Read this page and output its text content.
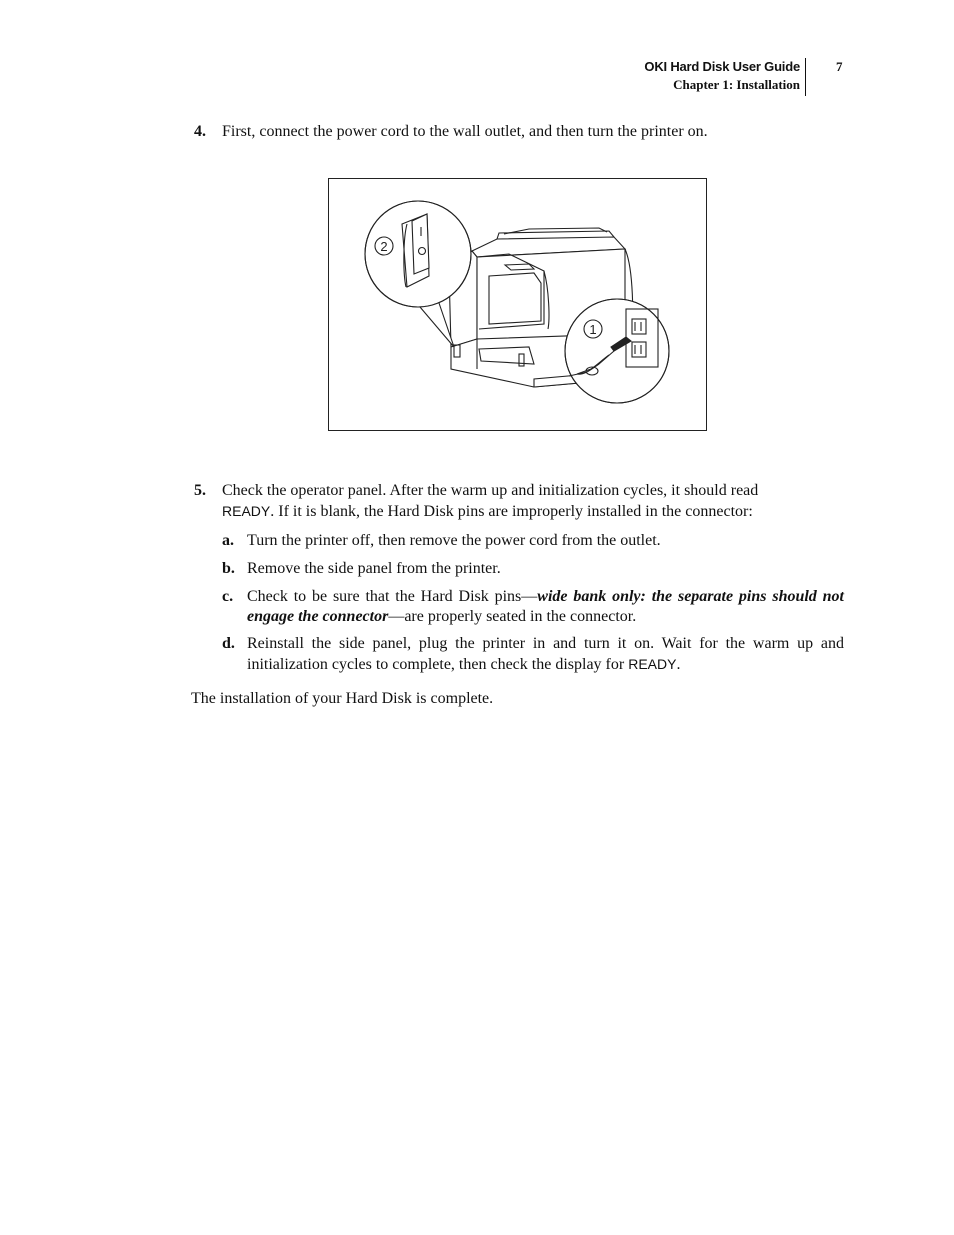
OKI Hard Disk User Guide
Chapter 1: Installation
7
4. First, connect the power cord to the wall outlet, and then turn the printer on.
2
1
5. Check the operator panel. After the warm up and initialization cycles, it should read
READY. If it is blank, the Hard Disk pins are improperly installed in the connector:
a. Turn the printer off, then remove the power cord from the outlet.
b. Remove the side panel from the printer.
c. Check to be sure that the Hard Disk pins—wide bank only: the separate pins should not engage the connector—are properly seated in the connector.
d. Reinstall the side panel, plug the printer in and turn it on. Wait for the warm up and initialization cycles to complete, then check the display for READY.
The installation of your Hard Disk is complete.
